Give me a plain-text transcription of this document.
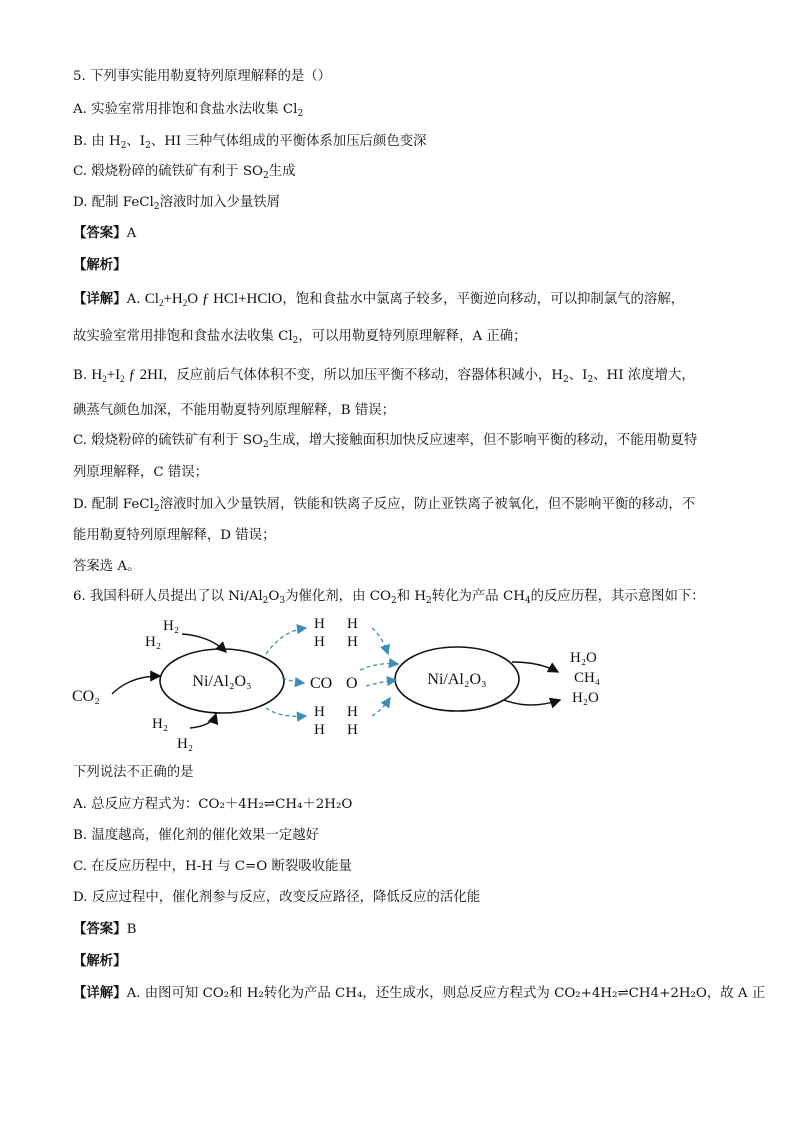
5. 下列事实能用勒夏特列原理解释的是（）
A. 实验室常用排饱和食盐水法收集 $Cl_2$
B. 由 $H_2$、$I_2$、HI 三种气体组成的平衡体系加压后颜色变深
C. 煅烧粉碎的硫铁矿有利于 $SO_2$生成
D. 配制 FeCl$_2$溶液时加入少量铁屑
【答案】A
【解析】
【详解】A. $Cl_2+H_2O$ ƒ HCl+HClO，饱和食盐水中氯离子较多，平衡逆向移动，可以抑制氯气的溶解，
故实验室常用排饱和食盐水法收集 $Cl_2$，可以用勒夏特列原理解释，A 正确；
B. $H_2+I_2$ ƒ 2HI，反应前后气体体积不变，所以加压平衡不移动，容器体积减小，$H_2$、$I_2$、HI 浓度增大，
碘蒸气颜色加深，不能用勒夏特列原理解释，B 错误；
C. 煅烧粉碎的硫铁矿有利于 $SO_2$生成，增大接触面积加快反应速率，但不影响平衡的移动，不能用勒夏特
列原理解释，C 错误；
D. 配制 FeCl$_2$溶液时加入少量铁屑，铁能和铁离子反应，防止亚铁离子被氧化，但不影响平衡的移动，不
能用勒夏特列原理解释，D 错误；
答案选 A。
6. 我国科研人员提出了以 $Ni/Al_2O_3$为催化剂，由 $CO_2$和 $H_2$转化为产品 $CH_4$的反应历程，其示意图如下：
Ni/Al₂O₃	Ni/Al₂O₃
H₂
H₂
CO₂
H₂
H₂
H H
H H
CO O
H H
H H
H₂O
CH₄
H₂O
下列说法不正确的是
A. 总反应方程式为：CO₂＋4H₂⇌CH₄＋2H₂O
B. 温度越高，催化剂的催化效果一定越好
C. 在反应历程中，H-H 与 C=O 断裂吸收能量
D. 反应过程中，催化剂参与反应，改变反应路径，降低反应的活化能
【答案】B
【解析】
【详解】A. 由图可知 CO₂和 H₂转化为产品 CH₄，还生成水，则总反应方程式为 CO₂+4H₂⇌CH4+2H₂O，故 A 正
